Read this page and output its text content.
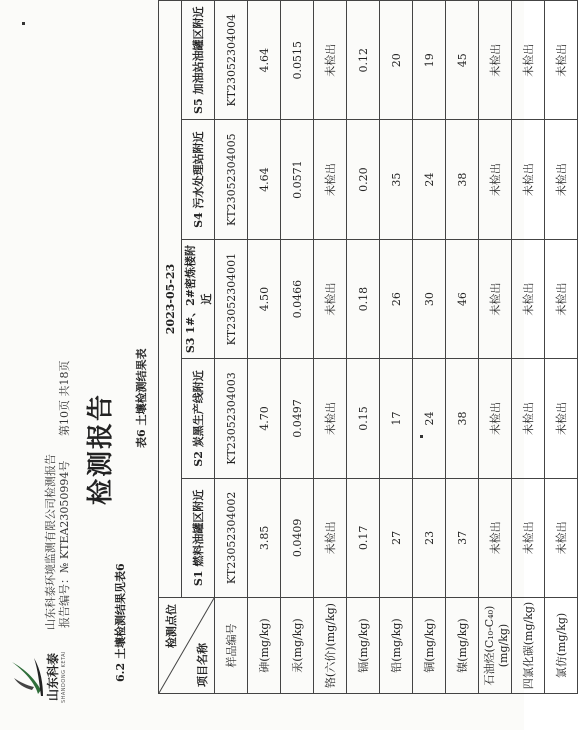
山东科泰 SHANDONG KETAI
山东科泰环境监测有限公司检测报告 报告编号：№ KTEA23050994号
第10页 共18页 检测报告
6.2 土壤检测结果见表6
表6 土壤检测结果表
检测点位
项目名称	2023-05-23				
	S1 燃料油罐区附近	S2 炭黑生产线附近	S3 1#、2#密炼楼附近	S4 污水处理站附近	S5 加油站油罐区附近
样品编号	KT23052304002	KT23052304003	KT23052304001	KT23052304005	KT23052304004
砷(mg/kg)	3.85	4.70	4.50	4.64	4.64
汞(mg/kg)	0.0409	0.0497	0.0466	0.0571	0.0515
铬(六价)(mg/kg)	未检出	未检出	未检出	未检出	未检出
镉(mg/kg)	0.17	0.15	0.18	0.20	0.12
铅(mg/kg)	27	17	26	35	20
铜(mg/kg)	23	24	30	24	19
镍(mg/kg)	37	38	46	38	45
石油烃(C₁₀-C₄₀)(mg/kg)	未检出	未检出	未检出	未检出	未检出
四氯化碳(mg/kg)	未检出	未检出	未检出	未检出	未检出
氯仿(mg/kg)	未检出	未检出	未检出	未检出	未检出
